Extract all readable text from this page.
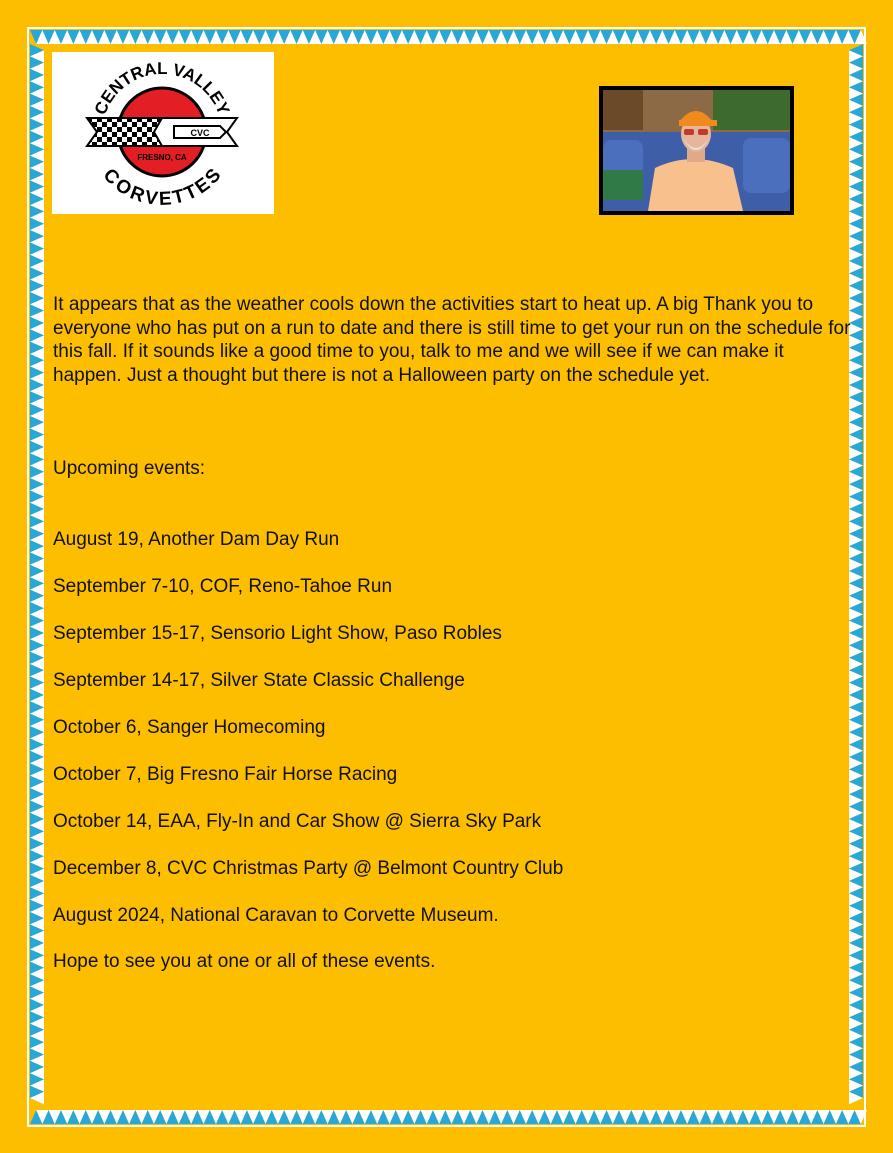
CVC
FRESNO, CA
CENTRAL VALLEY
CORVETTES

It appears that as the weather cools down the activities start to heat up. A big Thank you to everyone who has put on a run to date and there is still time to get your run on the schedule for this fall. If it sounds like a good time to you, talk to me and we will see if we can make it happen. Just a thought but there is not a Halloween party on the schedule yet.

Upcoming events:

August 19, Another Dam Day Run
September 7-10, COF, Reno-Tahoe Run
September 15-17, Sensorio Light Show, Paso Robles
September 14-17, Silver State Classic Challenge
October 6, Sanger Homecoming
October 7, Big Fresno Fair Horse Racing
October 14, EAA, Fly-In and Car Show @ Sierra Sky Park
December 8, CVC Christmas Party @ Belmont Country Club
August 2024, National Caravan to Corvette Museum.

Hope to see you at one or all of these events.
